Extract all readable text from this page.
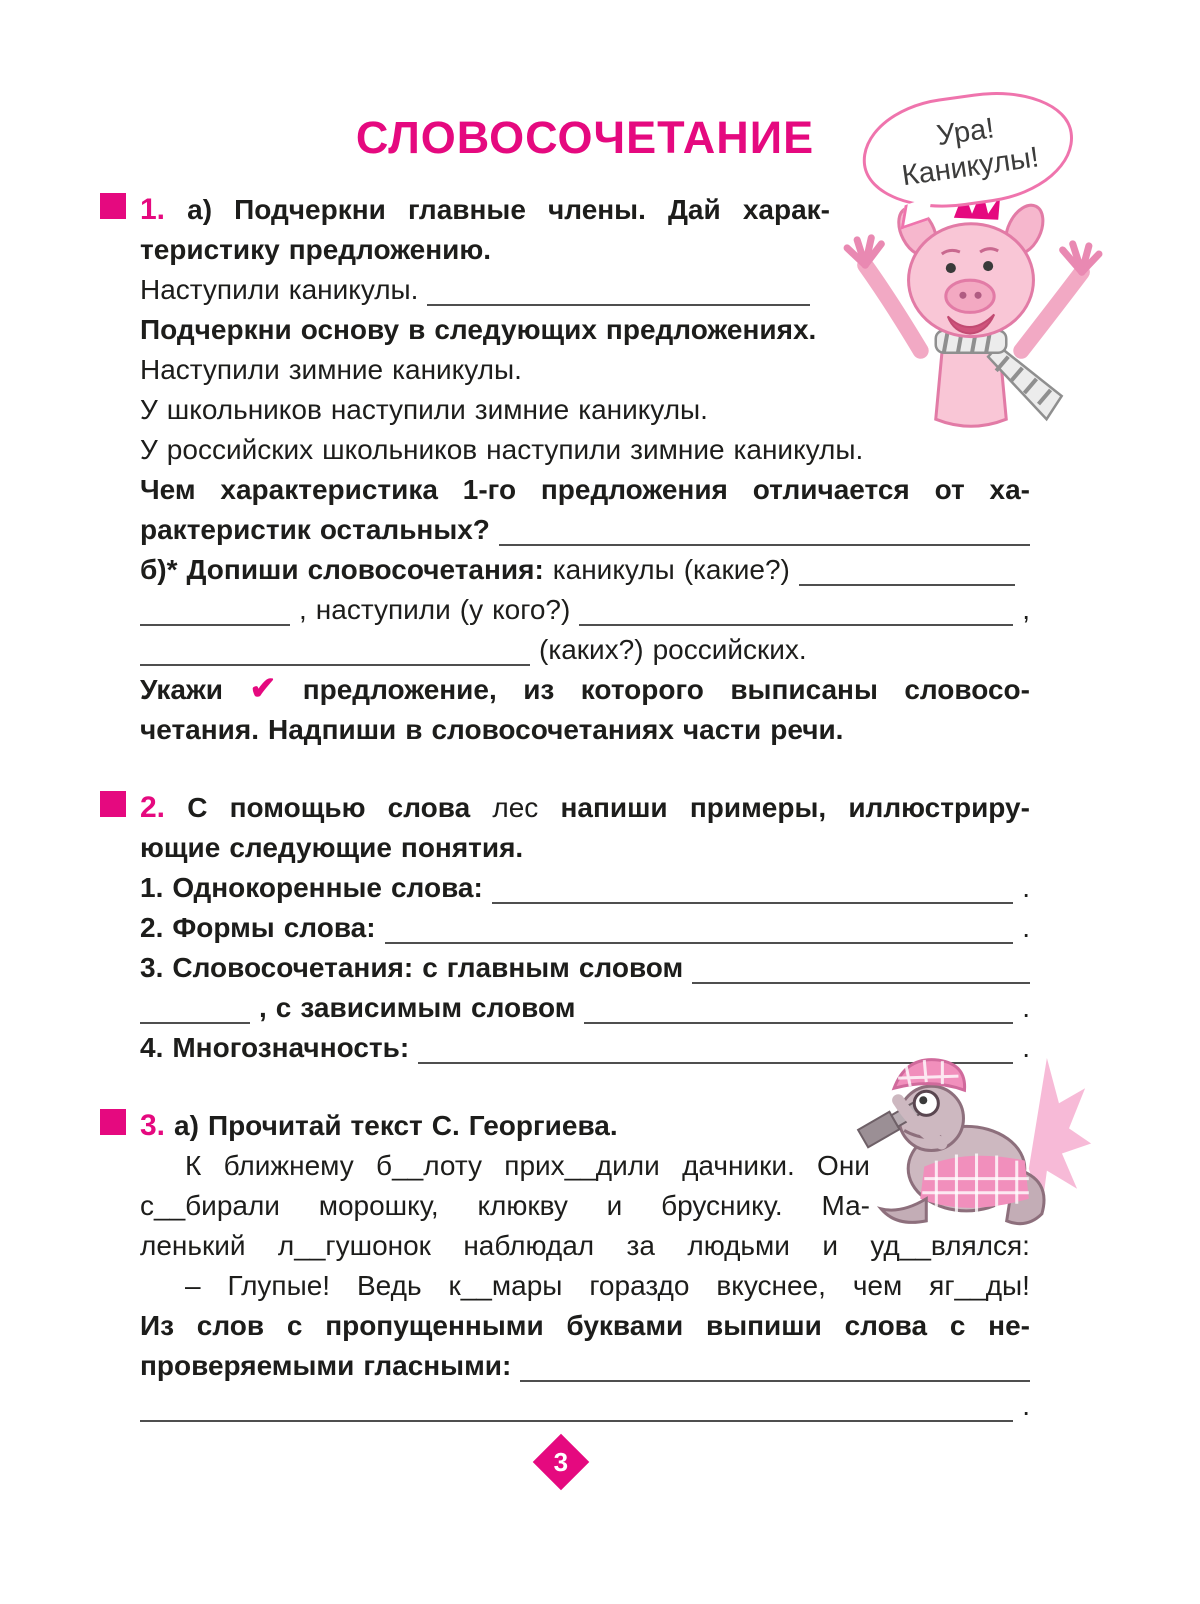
СЛОВОСОЧЕТАНИЕ	Ура!
Каникулы!
1. а) Подчеркни главные члены. Дай харак-
теристику предложению.
Наступили каникулы.
Подчеркни основу в следующих предложениях.
Наступили зимние каникулы.
У школьников наступили зимние каникулы.
У российских школьников наступили зимние каникулы.
Чем характеристика 1-го предложения отличается от ха-
рактеристик остальных?
б)* Допиши словосочетания: каникулы (какие?)
, наступили (у кого?)	,
(каких?) российских.
Укажи ✔ предложение, из которого выписаны словосо-
четания. Надпиши в словосочетаниях части речи.
2. С помощью слова лес напиши примеры, иллюстриру-
ющие следующие понятия.
1. Однокоренные слова:	.
2. Формы слова:	.
3. Словосочетания: с главным словом
, с зависимым словом	.
4. Многозначность:	.
3. а) Прочитай текст С. Георгиева.
К ближнему б__лоту прих__дили дачники. Они
с__бирали морошку, клюкву и бруснику. Ма-
ленький л__гушонок наблюдал за людьми и уд__влялся:
– Глупые! Ведь к__мары гораздо вкуснее, чем яг__ды!
Из слов с пропущенными буквами выпиши слова с не-
проверяемыми гласными:
.
3
